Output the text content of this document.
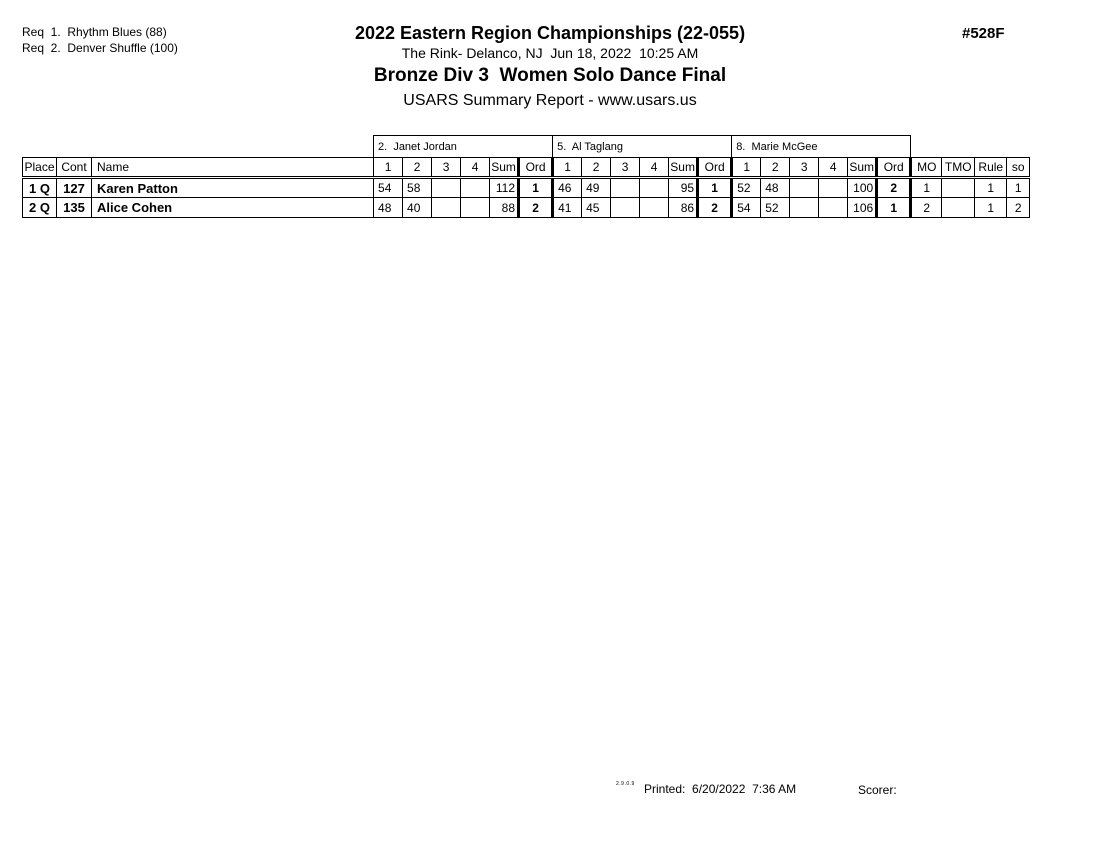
Req  1.  Rhythm Blues (88)
Req  2.  Denver Shuffle (100)
2022 Eastern Region Championships (22-055)
The Rink- Delanco, NJ  Jun 18, 2022  10:25 AM
Bronze Div 3  Women Solo Dance Final
USARS Summary Report - www.usars.us
#528F
			2.  Janet Jordan						5.  Al Taglang						8.  Marie McGee									
Place	Cont	Name	1	2	3	4	Sum	Ord	1	2	3	4	Sum	Ord	1	2	3	4	Sum	Ord	MO	TMO	Rule	so
1 Q	127	Karen Patton	54	58			112	1	46	49			95	1	52	48			100	2	1		1	1
2 Q	135	Alice Cohen	48	40			88	2	41	45			86	2	54	52			106	1	2		1	2
2.9.0.9 Printed:  6/20/2022  7:36 AM	Scorer:
